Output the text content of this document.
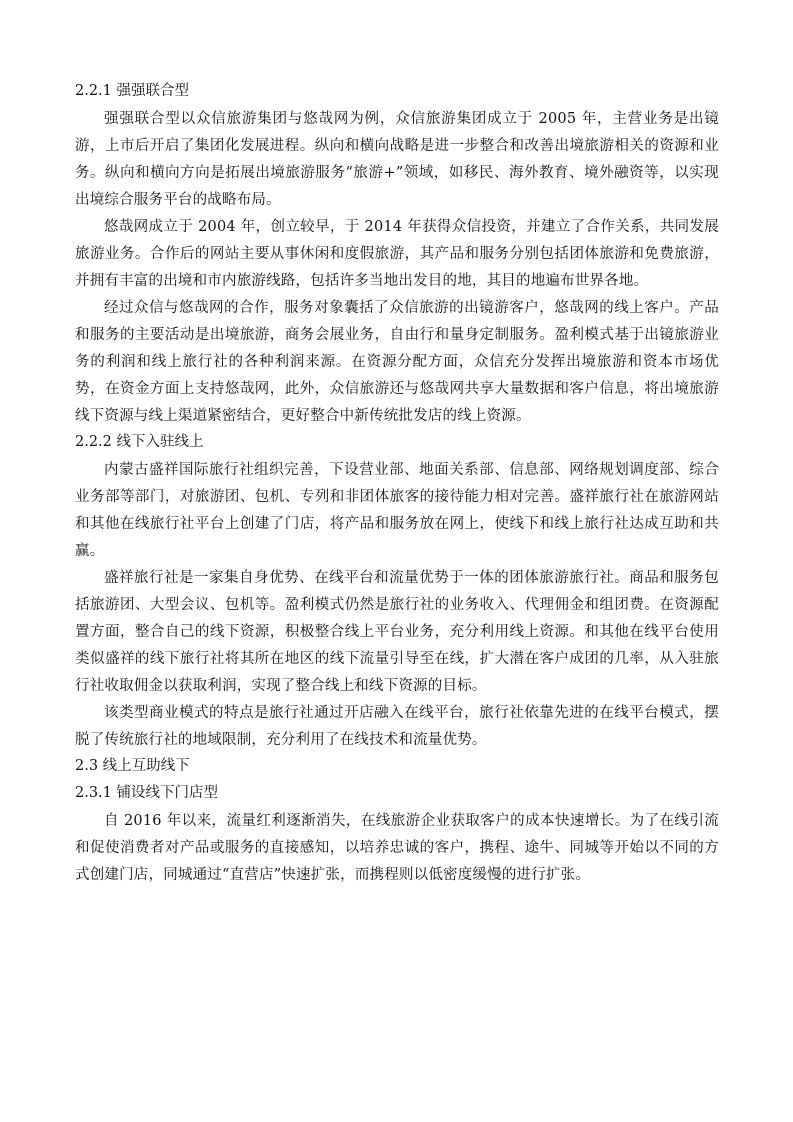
2.2.1 强强联合型

强强联合型以众信旅游集团与悠哉网为例，众信旅游集团成立于 2005 年，主营业务是出镜游，上市后开启了集团化发展进程。纵向和横向战略是进一步整合和改善出境旅游相关的资源和业务。纵向和横向方向是拓展出境旅游服务“旅游+”领域，如移民、海外教育、境外融资等，以实现出境综合服务平台的战略布局。

悠哉网成立于 2004 年，创立较早，于 2014 年获得众信投资，并建立了合作关系，共同发展旅游业务。合作后的网站主要从事休闲和度假旅游，其产品和服务分别包括团体旅游和免费旅游，并拥有丰富的出境和市内旅游线路，包括许多当地出发目的地，其目的地遍布世界各地。

经过众信与悠哉网的合作，服务对象囊括了众信旅游的出镜游客户，悠哉网的线上客户。产品和服务的主要活动是出境旅游，商务会展业务，自由行和量身定制服务。盈利模式基于出镜旅游业务的利润和线上旅行社的各种利润来源。在资源分配方面，众信充分发挥出境旅游和资本市场优势，在资金方面上支持悠哉网，此外，众信旅游还与悠哉网共享大量数据和客户信息，将出境旅游线下资源与线上渠道紧密结合，更好整合中新传统批发店的线上资源。

2.2.2 线下入驻线上

内蒙古盛祥国际旅行社组织完善，下设营业部、地面关系部、信息部、网络规划调度部、综合业务部等部门，对旅游团、包机、专列和非团体旅客的接待能力相对完善。盛祥旅行社在旅游网站和其他在线旅行社平台上创建了门店，将产品和服务放在网上，使线下和线上旅行社达成互助和共赢。

盛祥旅行社是一家集自身优势、在线平台和流量优势于一体的团体旅游旅行社。商品和服务包括旅游团、大型会议、包机等。盈利模式仍然是旅行社的业务收入、代理佣金和组团费。在资源配置方面，整合自己的线下资源，积极整合线上平台业务，充分利用线上资源。和其他在线平台使用类似盛祥的线下旅行社将其所在地区的线下流量引导至在线，扩大潜在客户成团的几率，从入驻旅行社收取佣金以获取利润，实现了整合线上和线下资源的目标。

该类型商业模式的特点是旅行社通过开店融入在线平台，旅行社依靠先进的在线平台模式，摆脱了传统旅行社的地域限制，充分利用了在线技术和流量优势。

2.3 线上互助线下

2.3.1 铺设线下门店型

自 2016 年以来，流量红利逐渐消失，在线旅游企业获取客户的成本快速增长。为了在线引流和促使消费者对产品或服务的直接感知，以培养忠诚的客户，携程、途牛、同城等开始以不同的方式创建门店，同城通过“直营店”快速扩张，而携程则以低密度缓慢的进行扩张。
